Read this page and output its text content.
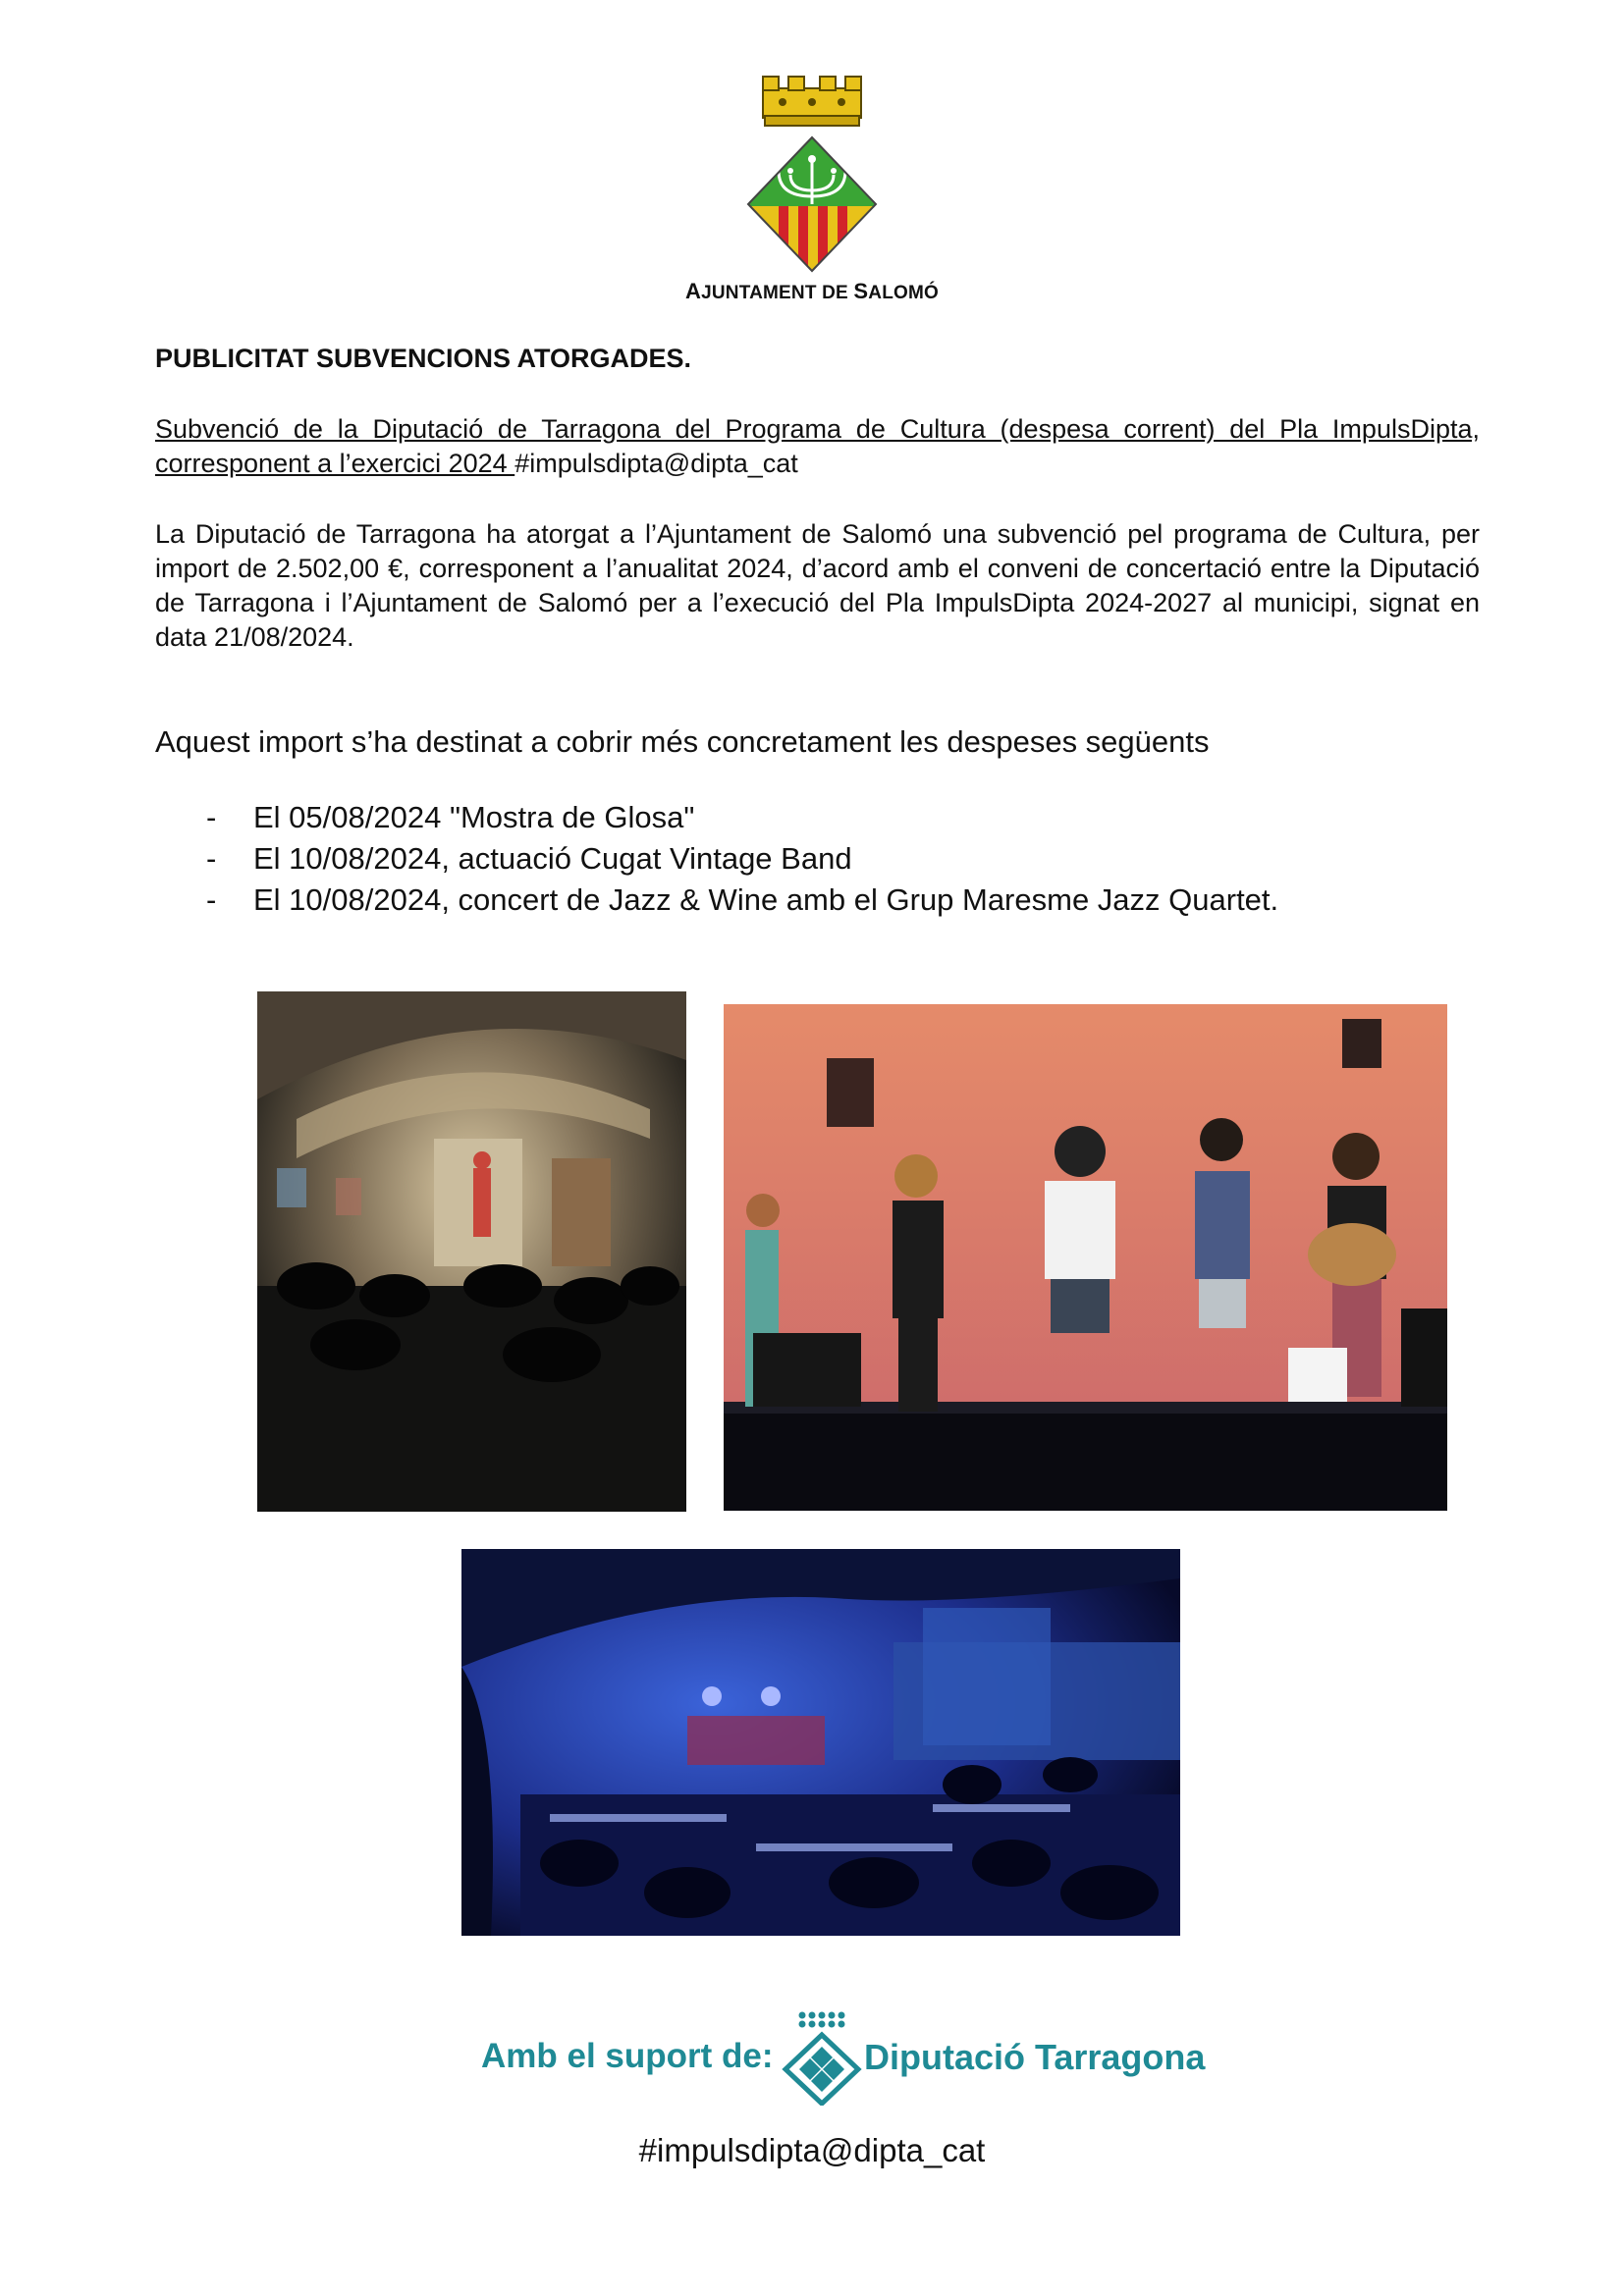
AJUNTAMENT DE SALOMÓ
PUBLICITAT SUBVENCIONS ATORGADES.
Subvenció de la Diputació de Tarragona del Programa de Cultura (despesa corrent) del Pla ImpulsDipta, corresponent a l’exercici 2024 #impulsdipta@dipta_cat
La Diputació de Tarragona ha atorgat a l’Ajuntament de Salomó una subvenció pel programa de Cultura, per import de 2.502,00 €, corresponent a l’anualitat 2024, d’acord amb el conveni de concertació entre la Diputació de Tarragona i l’Ajuntament de Salomó per a l’execució del Pla ImpulsDipta 2024-2027 al municipi, signat en data 21/08/2024.
Aquest import s’ha destinat a cobrir més concretament les despeses següents
- El 05/08/2024 "Mostra de Glosa"
- El 10/08/2024, actuació Cugat Vintage Band
- El 10/08/2024, concert de Jazz & Wine amb el Grup Maresme Jazz Quartet.
Amb el suport de:	Diputació Tarragona
#impulsdipta@dipta_cat
